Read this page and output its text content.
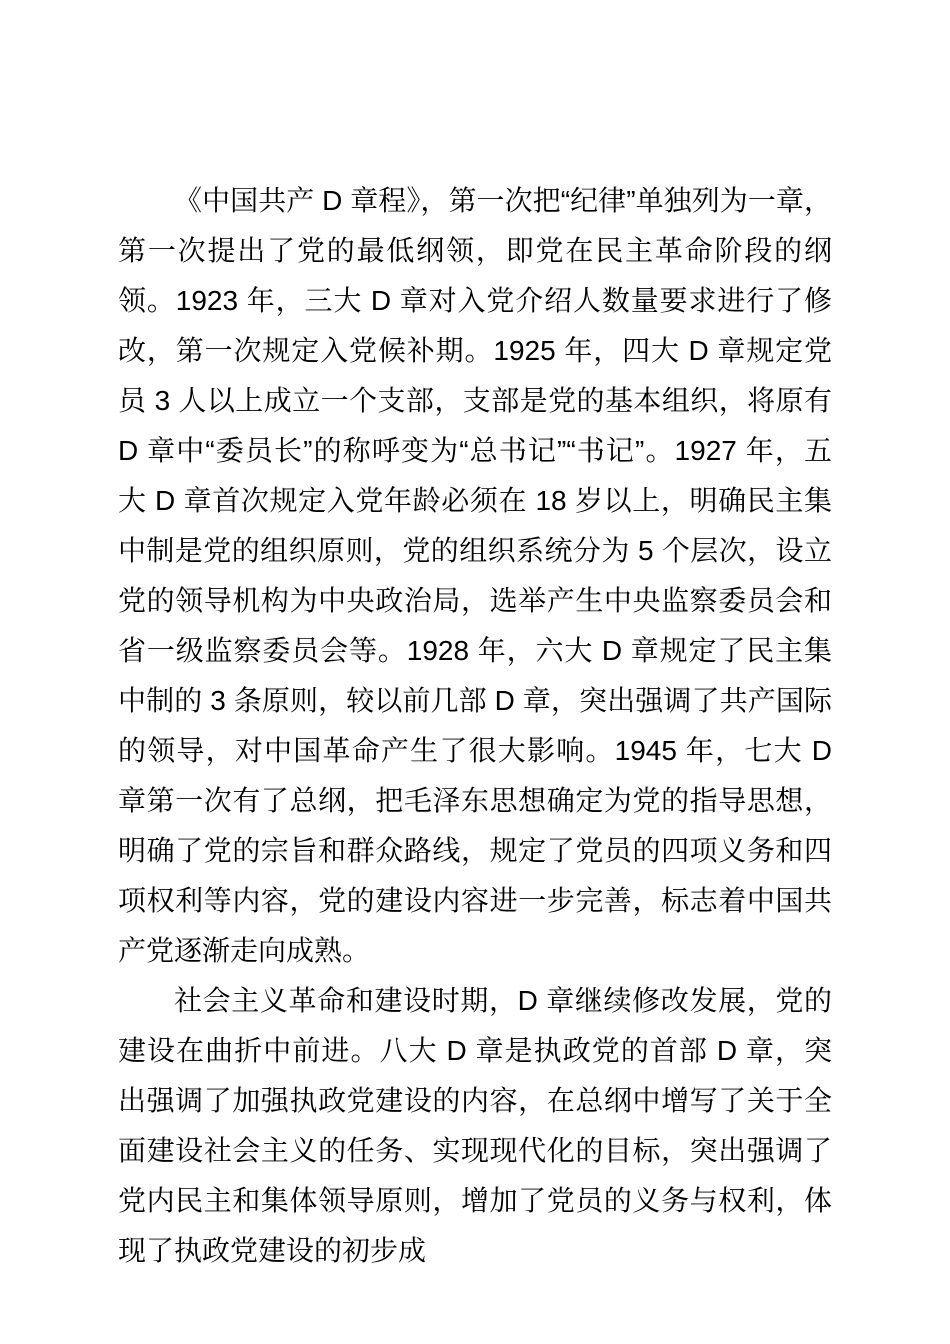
《中国共产 D 章程》，第一次把“纪律”单独列为一章，第一次提出了党的最低纲领，即党在民主革命阶段的纲领。1923 年，三大 D 章对入党介绍人数量要求进行了修改，第一次规定入党候补期。1925 年，四大 D 章规定党员 3 人以上成立一个支部，支部是党的基本组织，将原有 D 章中“委员长”的称呼变为“总书记”“书记”。1927 年，五大 D 章首次规定入党年龄必须在 18 岁以上，明确民主集中制是党的组织原则，党的组织系统分为 5 个层次，设立党的领导机构为中央政治局，选举产生中央监察委员会和省一级监察委员会等。1928 年，六大 D 章规定了民主集中制的 3 条原则，较以前几部 D 章，突出强调了共产国际的领导，对中国革命产生了很大影响。1945 年，七大 D 章第一次有了总纲，把毛泽东思想确定为党的指导思想，明确了党的宗旨和群众路线，规定了党员的四项义务和四项权利等内容，党的建设内容进一步完善，标志着中国共产党逐渐走向成熟。

社会主义革命和建设时期，D 章继续修改发展，党的建设在曲折中前进。八大 D 章是执政党的首部 D 章，突出强调了加强执政党建设的内容，在总纲中增写了关于全面建设社会主义的任务、实现现代化的目标，突出强调了党内民主和集体领导原则，增加了党员的义务与权利，体现了执政党建设的初步成
